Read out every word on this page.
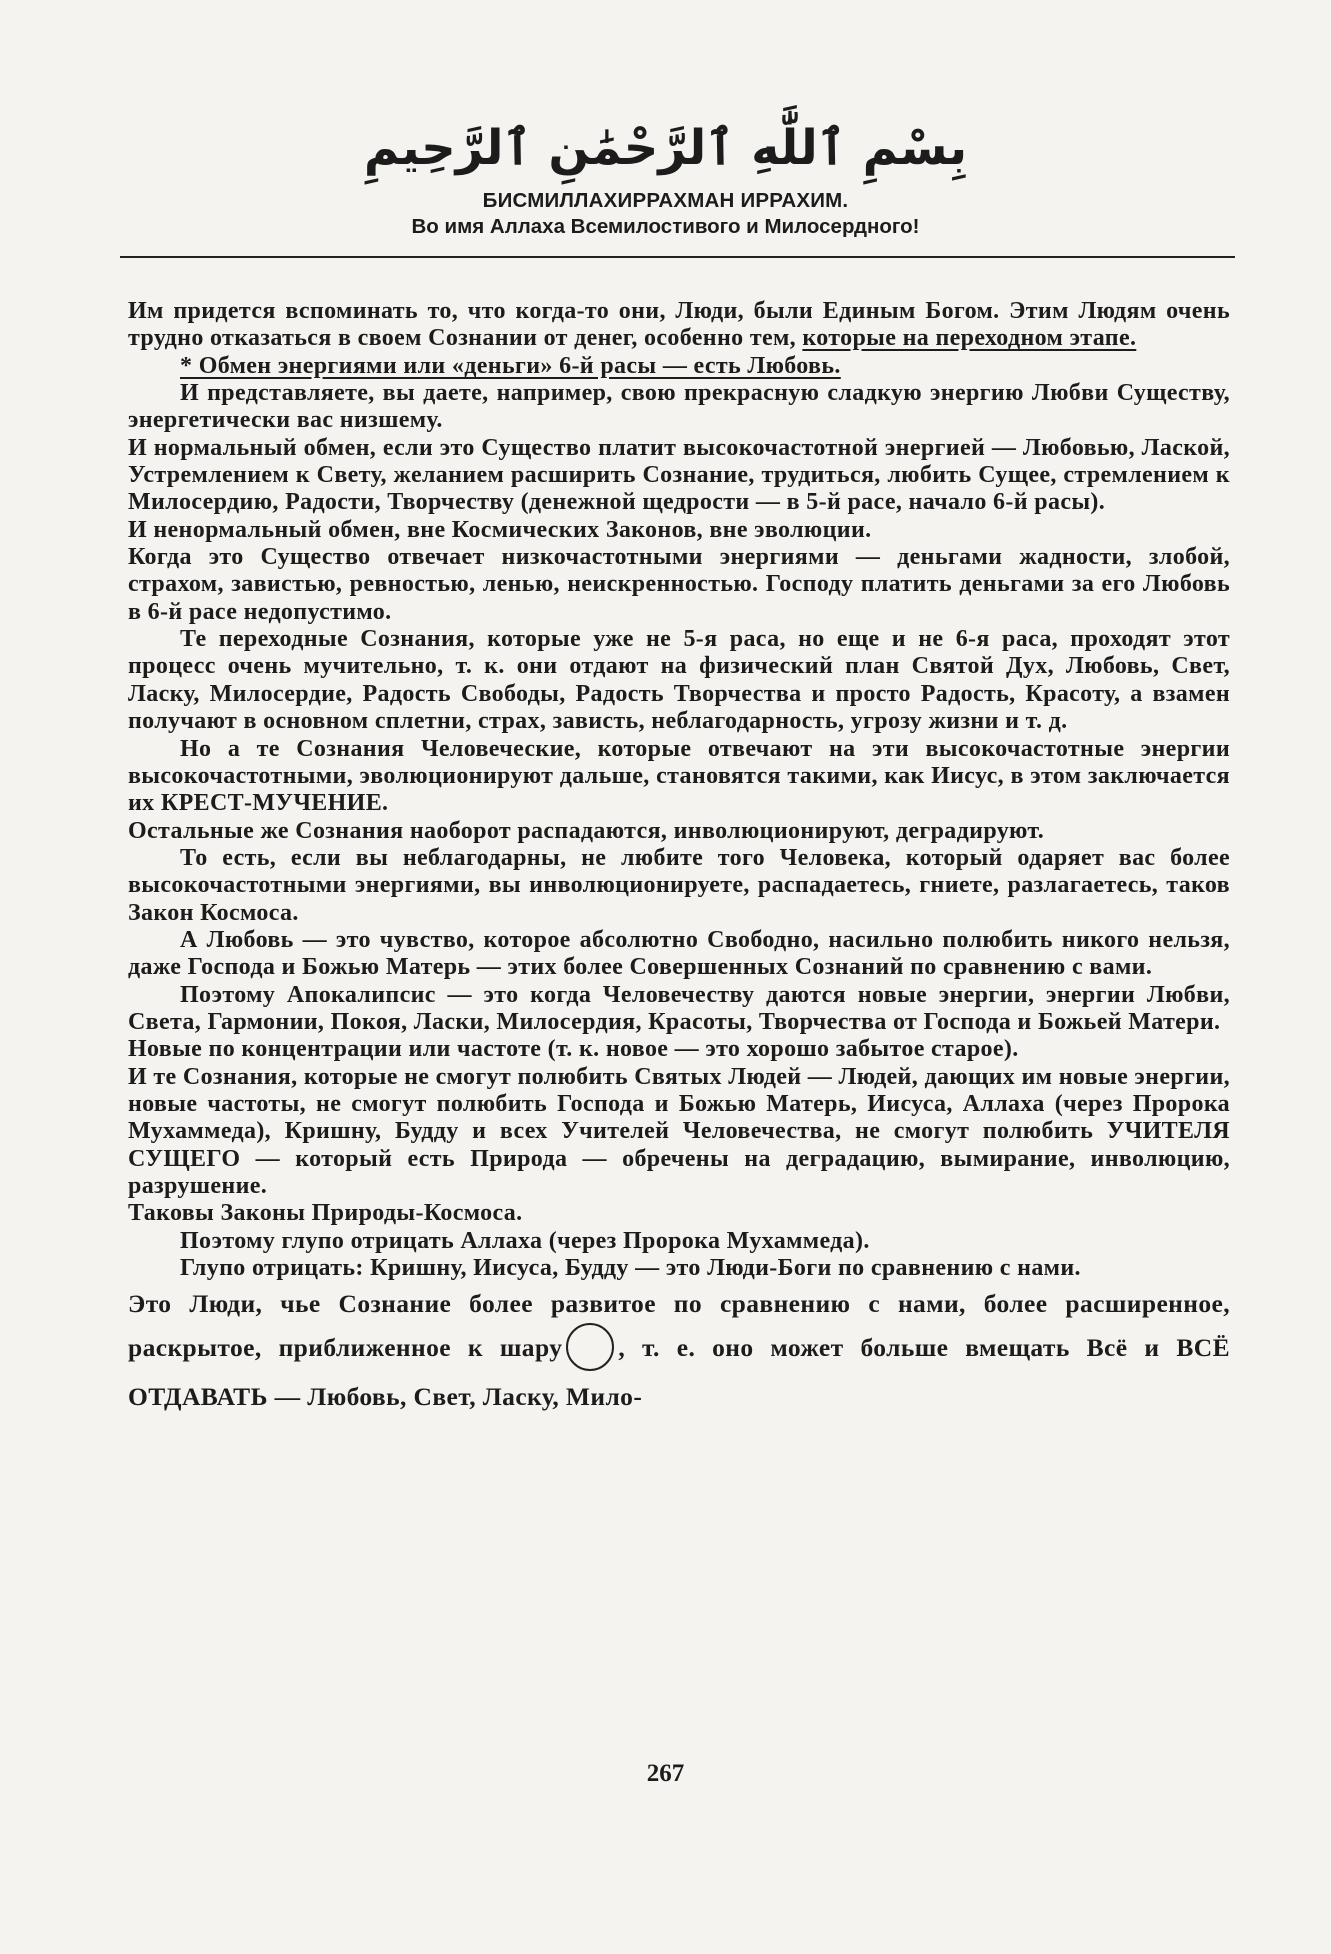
بِسْمِ ٱللَّٰهِ ٱلرَّحْمَٰنِ ٱلرَّحِيمِ
БИСМИЛЛАХИРРАХМАН ИРРАХИМ.
Во имя Аллаха Всемилостивого и Милосердного!

Им придется вспоминать то, что когда-то они, Люди, были Единым Богом. Этим Людям очень трудно отказаться в своем Сознании от денег, особенно тем, которые на переходном этапе.

* Обмен энергиями или «деньги» 6-й расы — есть Любовь.

И представляете, вы даете, например, свою прекрасную сладкую энергию Любви Существу, энергетически вас низшему.

И нормальный обмен, если это Существо платит высокочастотной энергией — Любовью, Лаской, Устремлением к Свету, желанием расширить Сознание, трудиться, любить Сущее, стремлением к Милосердию, Радости, Творчеству (денежной щедрости — в 5-й расе, начало 6-й расы).

И ненормальный обмен, вне Космических Законов, вне эволюции.

Когда это Существо отвечает низкочастотными энергиями — деньгами жадности, злобой, страхом, завистью, ревностью, ленью, неискренностью. Господу платить деньгами за его Любовь в 6-й расе недопустимо.

Те переходные Сознания, которые уже не 5-я раса, но еще и не 6-я раса, проходят этот процесс очень мучительно, т. к. они отдают на физический план Святой Дух, Любовь, Свет, Ласку, Милосердие, Радость Свободы, Радость Творчества и просто Радость, Красоту, а взамен получают в основном сплетни, страх, зависть, неблагодарность, угрозу жизни и т. д.

Но а те Сознания Человеческие, которые отвечают на эти высокочастотные энергии высокочастотными, эволюционируют дальше, становятся такими, как Иисус, в этом заключается их КРЕСТ-МУЧЕНИЕ.

Остальные же Сознания наоборот распадаются, инволюционируют, деградируют.

То есть, если вы неблагодарны, не любите того Человека, который одаряет вас более высокочастотными энергиями, вы инволюционируете, распадаетесь, гниете, разлагаетесь, таков Закон Космоса.

А Любовь — это чувство, которое абсолютно Свободно, насильно полюбить никого нельзя, даже Господа и Божью Матерь — этих более Совершенных Сознаний по сравнению с вами.

Поэтому Апокалипсис — это когда Человечеству даются новые энергии, энергии Любви, Света, Гармонии, Покоя, Ласки, Милосердия, Красоты, Творчества от Господа и Божьей Матери.

Новые по концентрации или частоте (т. к. новое — это хорошо забытое старое).

И те Сознания, которые не смогут полюбить Святых Людей — Людей, дающих им новые энергии, новые частоты, не смогут полюбить Господа и Божью Матерь, Иисуса, Аллаха (через Пророка Мухаммеда), Кришну, Будду и всех Учителей Человечества, не смогут полюбить УЧИТЕЛЯ СУЩЕГО — который есть Природа — обречены на деградацию, вымирание, инволюцию, разрушение.

Таковы Законы Природы-Космоса.

Поэтому глупо отрицать Аллаха (через Пророка Мухаммеда).

Глупо отрицать: Кришну, Иисуса, Будду — это Люди-Боги по сравнению с нами.

Это Люди, чье Сознание более развитое по сравнению с нами, более расширенное, раскрытое, приближенное к шару , т. е. оно может больше вмещать Всё и ВСЁ ОТДАВАТЬ — Любовь, Свет, Ласку, Мило-

267
